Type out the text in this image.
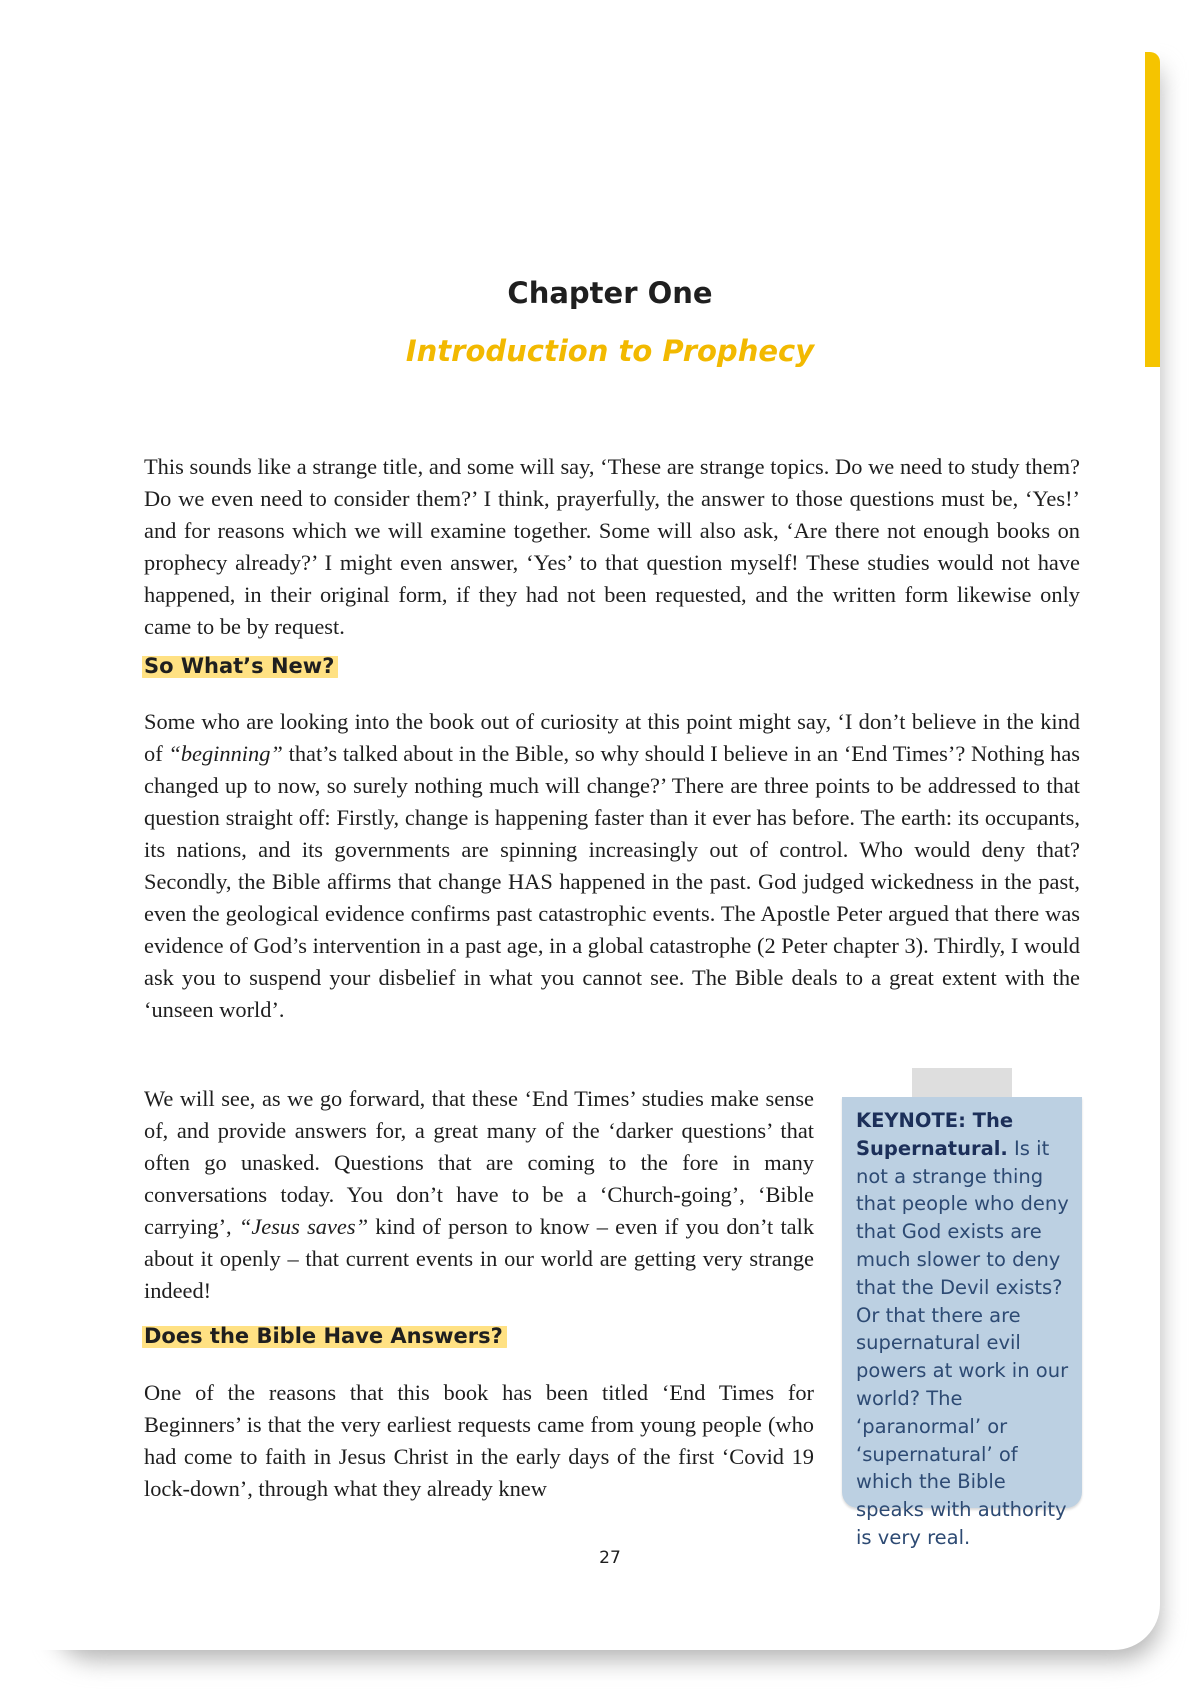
Chapter One
Introduction to Prophecy

This sounds like a strange title, and some will say, ‘These are strange topics. Do we need to study them? Do we even need to consider them?’ I think, prayerfully, the answer to those questions must be, ‘Yes!’ and for reasons which we will examine together. Some will also ask, ‘Are there not enough books on prophecy already?’ I might even answer, ‘Yes’ to that question myself! These studies would not have happened, in their original form, if they had not been requested, and the written form likewise only came to be by request.

So What’s New?

Some who are looking into the book out of curiosity at this point might say, ‘I don’t believe in the kind of “beginning” that’s talked about in the Bible, so why should I believe in an ‘End Times’? Nothing has changed up to now, so surely nothing much will change?’ There are three points to be addressed to that question straight off: Firstly, change is happening faster than it ever has before. The earth: its occupants, its nations, and its governments are spinning increasingly out of control. Who would deny that? Secondly, the Bible affirms that change HAS happened in the past. God judged wickedness in the past, even the geological evidence confirms past catastrophic events. The Apostle Peter argued that there was evidence of God’s intervention in a past age, in a global catastrophe (2 Peter chapter 3). Thirdly, I would ask you to suspend your disbelief in what you cannot see. The Bible deals to a great extent with the ‘unseen world’.

We will see, as we go forward, that these ‘End Times’ studies make sense of, and provide answers for, a great many of the ‘darker questions’ that often go unasked. Questions that are coming to the fore in many conversations today. You don’t have to be a ‘Church-going’, ‘Bible carrying’, “Jesus saves” kind of person to know – even if you don’t talk about it openly – that current events in our world are getting very strange indeed!

Does the Bible Have Answers?

One of the reasons that this book has been titled ‘End Times for Beginners’ is that the very earliest requests came from young people (who had come to faith in Jesus Christ in the early days of the first ‘Covid 19 lock-down’, through what they already knew

KEYNOTE: The Supernatural. Is it not a strange thing that people who deny that God exists are much slower to deny that the Devil exists? Or that there are supernatural evil powers at work in our world? The ‘paranormal’ or ‘supernatural’ of which the Bible speaks with authority is very real.

27
